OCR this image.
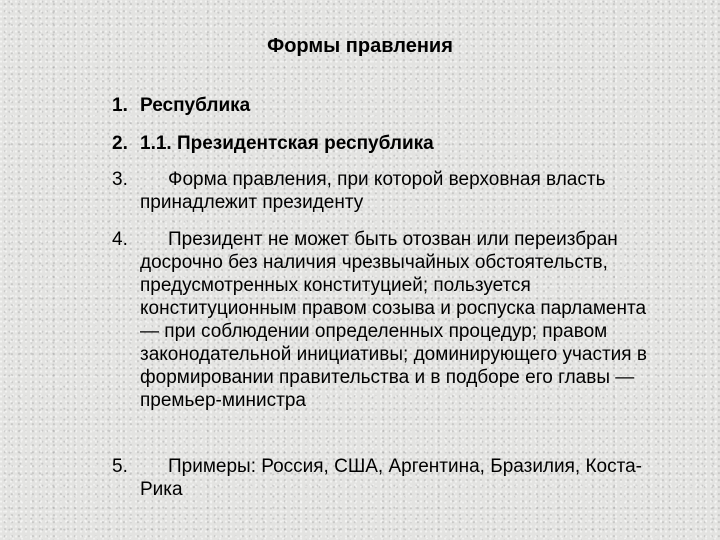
Формы правления
1. Республика
2. 1.1. Президентская республика
3.	Форма правления, при которой верховная власть принадлежит президенту
4.	Президент не может быть отозван или переизбран досрочно без наличия чрезвычайных обстоятельств, предусмотренных конституцией; пользуется конституционным правом созыва и роспуска парламента — при соблюдении определенных процедур; правом законодательной инициативы; доминирующего участия в формировании правительства и в подборе его главы — премьер-министра
5.	Примеры: Россия, США, Аргентина, Бразилия, Коста-Рика
